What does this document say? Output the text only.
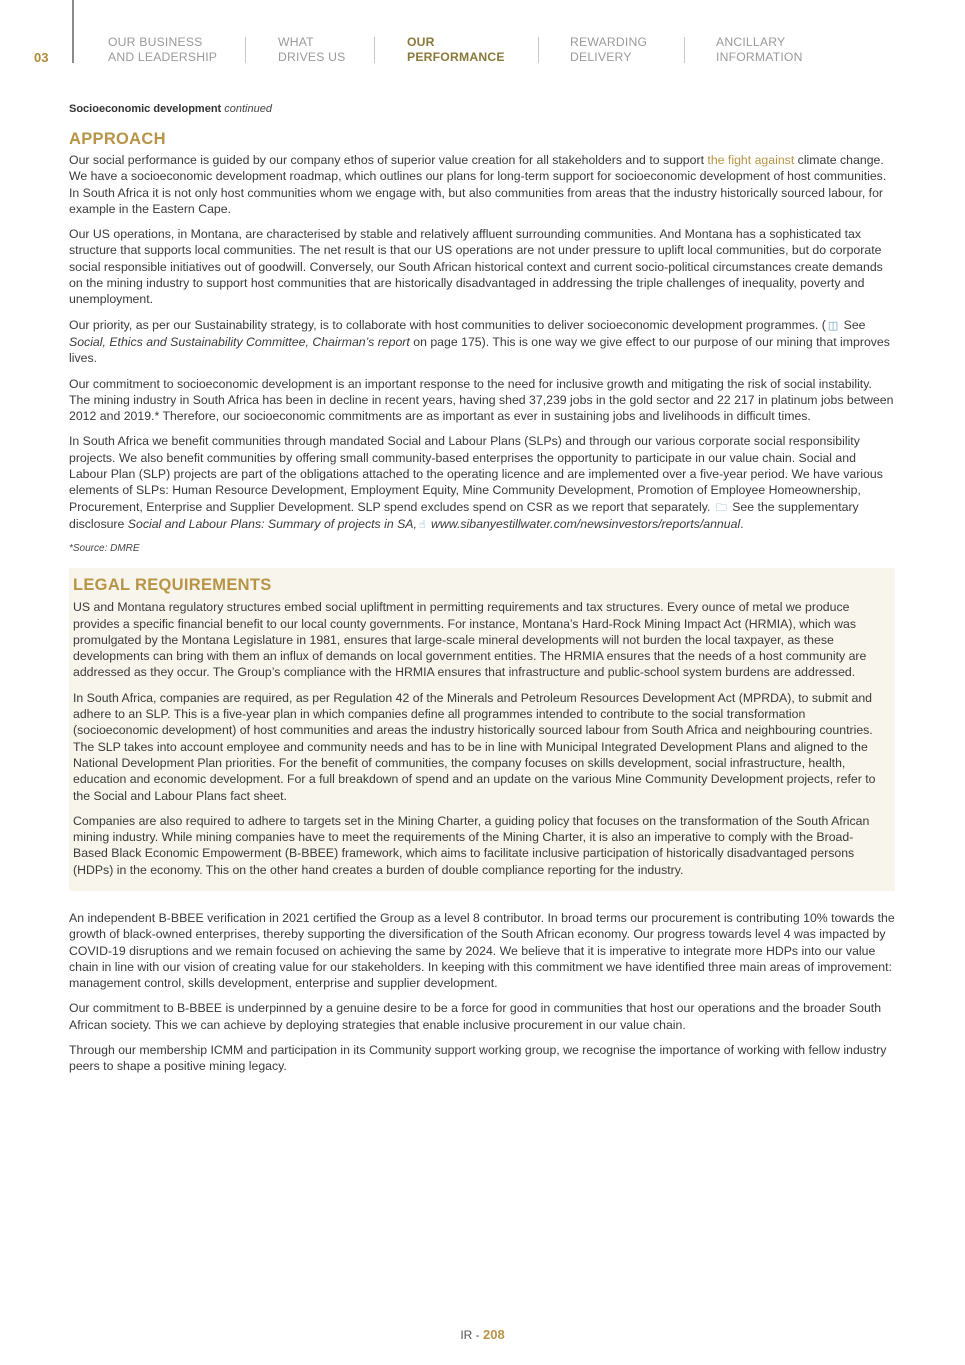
03
OUR BUSINESS
AND LEADERSHIP
WHAT
DRIVES US
OUR
PERFORMANCE
REWARDING
DELIVERY
ANCILLARY
INFORMATION
Socioeconomic development continued
APPROACH

Our social performance is guided by our company ethos of superior value creation for all stakeholders and to support the fight against climate change. We have a socioeconomic development roadmap, which outlines our plans for long-term support for socioeconomic development of host communities. In South Africa it is not only host communities whom we engage with, but also communities from areas that the industry historically sourced labour, for example in the Eastern Cape.

Our US operations, in Montana, are characterised by stable and relatively affluent surrounding communities. And Montana has a sophisticated tax structure that supports local communities. The net result is that our US operations are not under pressure to uplift local communities, but do corporate social responsible initiatives out of goodwill. Conversely, our South African historical context and current socio-political circumstances create demands on the mining industry to support host communities that are historically disadvantaged in addressing the triple challenges of inequality, poverty and unemployment.

Our priority, as per our Sustainability strategy, is to collaborate with host communities to deliver socioeconomic development programmes. ( ◫ See Social, Ethics and Sustainability Committee, Chairman’s report on page 175). This is one way we give effect to our purpose of our mining that improves lives.

Our commitment to socioeconomic development is an important response to the need for inclusive growth and mitigating the risk of social instability. The mining industry in South Africa has been in decline in recent years, having shed 37,239 jobs in the gold sector and 22 217 in platinum jobs between 2012 and 2019.* Therefore, our socioeconomic commitments are as important as ever in sustaining jobs and livelihoods in difficult times.

In South Africa we benefit communities through mandated Social and Labour Plans (SLPs) and through our various corporate social responsibility projects. We also benefit communities by offering small community-based enterprises the opportunity to participate in our value chain. Social and Labour Plan (SLP) projects are part of the obligations attached to the operating licence and are implemented over a five-year period. We have various elements of SLPs: Human Resource Development, Employment Equity, Mine Community Development, Promotion of Employee Homeownership, Procurement, Enterprise and Supplier Development. SLP spend excludes spend on CSR as we report that separately. 🗀 See the supplementary disclosure Social and Labour Plans: Summary of projects in SA, ☝ www.sibanyestillwater.com/newsinvestors/reports/annual.

*Source: DMRE
LEGAL REQUIREMENTS

US and Montana regulatory structures embed social upliftment in permitting requirements and tax structures. Every ounce of metal we produce provides a specific financial benefit to our local county governments. For instance, Montana’s Hard-Rock Mining Impact Act (HRMIA), which was promulgated by the Montana Legislature in 1981, ensures that large-scale mineral developments will not burden the local taxpayer, as these developments can bring with them an influx of demands on local government entities. The HRMIA ensures that the needs of a host community are addressed as they occur. The Group’s compliance with the HRMIA ensures that infrastructure and public-school system burdens are addressed.

In South Africa, companies are required, as per Regulation 42 of the Minerals and Petroleum Resources Development Act (MPRDA), to submit and adhere to an SLP. This is a five-year plan in which companies define all programmes intended to contribute to the social transformation (socioeconomic development) of host communities and areas the industry historically sourced labour from South Africa and neighbouring countries. The SLP takes into account employee and community needs and has to be in line with Municipal Integrated Development Plans and aligned to the National Development Plan priorities. For the benefit of communities, the company focuses on skills development, social infrastructure, health, education and economic development. For a full breakdown of spend and an update on the various Mine Community Development projects, refer to the Social and Labour Plans fact sheet.

Companies are also required to adhere to targets set in the Mining Charter, a guiding policy that focuses on the transformation of the South African mining industry. While mining companies have to meet the requirements of the Mining Charter, it is also an imperative to comply with the Broad-Based Black Economic Empowerment (B-BBEE) framework, which aims to facilitate inclusive participation of historically disadvantaged persons (HDPs) in the economy. This on the other hand creates a burden of double compliance reporting for the industry.

An independent B-BBEE verification in 2021 certified the Group as a level 8 contributor. In broad terms our procurement is contributing 10% towards the growth of black-owned enterprises, thereby supporting the diversification of the South African economy. Our progress towards level 4 was impacted by COVID-19 disruptions and we remain focused on achieving the same by 2024. We believe that it is imperative to integrate more HDPs into our value chain in line with our vision of creating value for our stakeholders. In keeping with this commitment we have identified three main areas of improvement: management control, skills development, enterprise and supplier development.

Our commitment to B-BBEE is underpinned by a genuine desire to be a force for good in communities that host our operations and the broader South African society. This we can achieve by deploying strategies that enable inclusive procurement in our value chain.

Through our membership ICMM and participation in its Community support working group, we recognise the importance of working with fellow industry peers to shape a positive mining legacy.

IR - 208
